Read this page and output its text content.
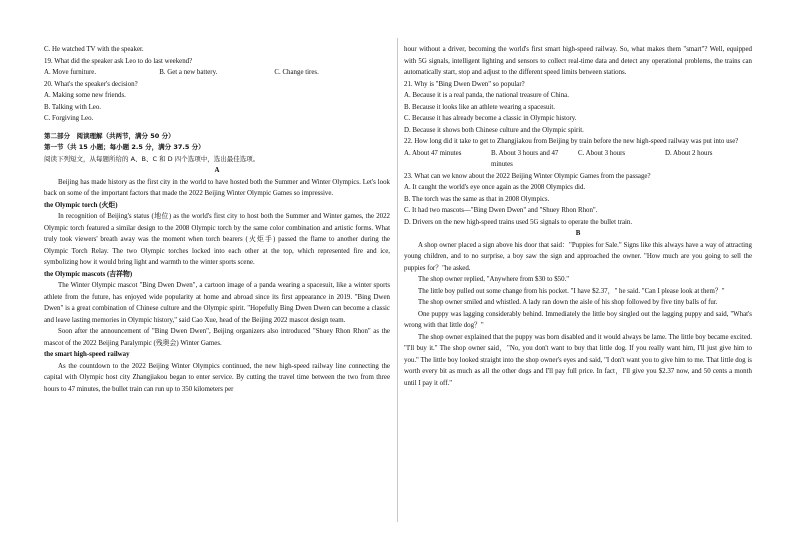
C. He watched TV with the speaker.

19. What did the speaker ask Leo to do last weekend?

A. Move furniture.	B. Get a new battery.	C. Change tires.

20. What's the speaker's decision?

A. Making some new friends.

B. Talking with Leo.

C. Forgiving Leo.

第二部分　阅读理解（共两节，满分 50 分）

第一节（共 15 小题；每小题 2.5 分，满分 37.5 分）

阅读下列短文，从每题所给的 A、B、C 和 D 四个选项中，选出最佳选项。

A

Beijing has made history as the first city in the world to have hosted both the Summer and Winter Olympics. Let's look back on some of the important factors that made the 2022 Beijing Winter Olympic Games so impressive.

the Olympic torch (火炬)

In recognition of Beijing's status (地位) as the world's first city to host both the Summer and Winter games, the 2022 Olympic torch featured a similar design to the 2008 Olympic torch by the same color combination and artistic forms. What truly took viewers' breath away was the moment when torch bearers (火炬手) passed the flame to another during the Olympic Torch Relay. The two Olympic torches locked into each other at the top, which represented fire and ice, symbolizing how it would bring light and warmth to the winter sports scene.

the Olympic mascots (吉祥物)

The Winter Olympic mascot "Bing Dwen Dwen", a cartoon image of a panda wearing a spacesuit, like a winter sports athlete from the future, has enjoyed wide popularity at home and abroad since its first appearance in 2019. "Bing Dwen Dwen" is a great combination of Chinese culture and the Olympic spirit. "Hopefully Bing Dwen Dwen can become a classic and leave lasting memories in Olympic history," said Cao Xue, head of the Beijing 2022 mascot design team.

Soon after the announcement of "Bing Dwen Dwen", Beijing organizers also introduced "Shuey Rhon Rhon" as the mascot of the 2022 Beijing Paralympic (残奥会) Winter Games.

the smart high-speed railway

As the countdown to the 2022 Beijing Winter Olympics continued, the new high-speed railway line connecting the capital with Olympic host city Zhangjiakou began to enter service. By cutting the travel time between the two from three hours to 47 minutes, the bullet train can run up to 350 kilometers per

hour without a driver, becoming the world's first smart high-speed railway. So, what makes them "smart"? Well, equipped with 5G signals, intelligent lighting and sensors to collect real-time data and detect any operational problems, the trains can automatically start, stop and adjust to the different speed limits between stations.

21. Why is "Bing Dwen Dwen" so popular?

A. Because it is a real panda, the national treasure of China.

B. Because it looks like an athlete wearing a spacesuit.

C. Because it has already become a classic in Olympic history.

D. Because it shows both Chinese culture and the Olympic spirit.

22. How long did it take to get to Zhangjiakou from Beijing by train before the new high-speed railway was put into use?

A. About 47 minutes	B. About 3 hours and 47 minutes
C. About 3 hours	D. About 2 hours

23. What can we know about the 2022 Beijing Winter Olympic Games from the passage?

A. It caught the world's eye once again as the 2008 Olympics did.

B. The torch was the same as that in 2008 Olympics.

C. It had two mascots—"Bing Dwen Dwen" and "Shuey Rhon Rhon".

D. Drivers on the new high-speed trains used 5G signals to operate the bullet train.

B

A shop owner placed a sign above his door that said："Puppies for Sale." Signs like this always have a way of attracting young children, and to no surprise, a boy saw the sign and approached the owner. "How much are you going to sell the puppies for？"he asked.

The shop owner replied, "Anywhere from $30 to $50."

The little boy pulled out some change from his pocket. "I have $2.37，" he said. "Can I please look at them？"

The shop owner smiled and whistled. A lady ran down the aisle of his shop followed by five tiny balls of fur.

One puppy was lagging considerably behind. Immediately the little boy singled out the lagging puppy and said, "What's wrong with that little dog？"

The shop owner explained that the puppy was born disabled and it would always be lame. The little boy became excited. "I'll buy it." The shop owner said，"No, you don't want to buy that little dog. If you really want him, I'll just give him to you." The little boy looked straight into the shop owner's eyes and said, "I don't want you to give him to me. That little dog is worth every bit as much as all the other dogs and I'll pay full price. In fact，I'll give you $2.37 now, and 50 cents a month until I pay it off."
